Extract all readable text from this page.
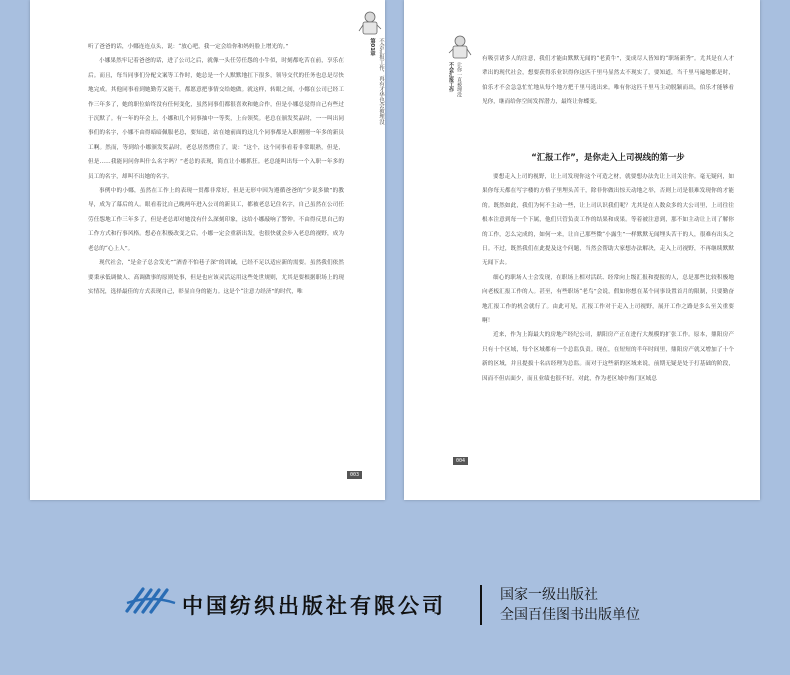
第01章 不会汇报工作，再有才华也会被埋没

听了爸爸的话，小娜连连点头，说：“放心吧，我一定会给你和妈妈脸上增光的。”

小娜果然牢记着爸爸的话，进了公司之后，就像一头任劳任怨的小牛似，时刻都吃苦在前，享乐在后。而且，每当同事们分配文案等工作时，她总是一个人默默地扛下很多，领导交代的任务也总是尽快地完成。其他同事看到她勤劳又能干，都愿意把事情交给她做。就这样，转眼之间，小娜在公司已经工作三年多了，她的职位始终没有任何变化，虽然同事们都很喜欢和她合作，但是小娜总觉得自己有些过于沉默了。有一年的年会上，小娜和几个同事抽中一等奖，上台领奖。老总在颁发奖品时，一一叫出同事们的名字，小娜不由得暗暗佩服老总，要知道，站在她前面的这几个同事都是入职刚刚一年多的新员工啊。然而，等到给小娜颁发奖品时，老总居然愣住了，说：“这个，这个同事看着非常眼熟，但是，但是……我能问问你叫什么名字吗？”老总的表现，简直让小娜抓狂。老总能叫出每一个入职一年多的员工的名字，却叫不出她的名字。

事例中的小娜，虽然在工作上的表现一贯都非常好，但是无形中因为遵循爸爸的“少说多做”的教导，成为了幕后的人。眼看着比自己晚两年进入公司的新员工，都被老总记住名字，自己虽然在公司任劳任怨地工作三年多了，但是老总却对她没有什么深刻印象，这给小娜敲响了警钟。不由得反思自己的工作方式和行事风格。想必在积极改变之后，小娜一定会重新出发，也很快就会步入老总的视野，成为老总的“心上人”。

现代社会，“是金子总会发光”“酒香不怕巷子深”的训诫，已经不足以适应新的需要。虽然我们依然要秉承低调做人、高调做事的原则处事，但是也应该灵活运用这些处世规则，尤其是要根据职场上的现实情况，选择最佳的方式表现自己，彰显自身的能力。这是个“注意力经济”的时代，唯

003
不会汇报工作 让你一直被埋没

有吸引诸多人的注意，我们才能由默默无闻的“老黄牛”，变成尽人皆知的“职场新秀”。尤其是在人才辈出的现代社会，想要获得乐业识得你这匹千里马显然太不现实了，要知道，当千里马遍地都是时，伯乐才不会急急忙忙地从每个地方把千里马选出来。唯有你这匹千里马主动脱颖而出，伯乐才能够看见你，继而给你空间发挥潜力，最终让你蝶变。

“汇报工作”，是你走入上司视线的第一步

要想走入上司的视野，让上司发现你这个可造之材，就要想办法先让上司关注你。毫无疑问，如果你每天都在写字楼的方格子里埋头苦干，除非你做出惊天动地之举，否则上司是很难发现你的才能的。既然如此，我们为何不主动一些，让上司认识我们呢？尤其是在人数众多的大公司里，上司往往根本注意到每一个下属，他们只管负责工作的结果和成果。等着被注意到，那不如主动让上司了解你的工作，怎么完成的，如何一来，让自己那些微“小露生”一样默默无闻埋头苦干的人，很难有出头之日。不过，既然我们在此提及这个问题，当然会帮助大家想办法解决，走入上司视野，不再继续默默无闻下去。

细心的职场人士会发现，在职场上相对活跃、经常向上级汇报和提报的人，总是那些比较积极地向老板汇报工作的人。甚至，有些职场“老鸟”会说，假如你想在某个同事设置首月的限制，只要勤奋地汇报工作的机会就行了。由此可见，汇报工作对于走入上司视野，展开工作之路是多么至关重要啊！

近来，作为上海最大的房地产经纪公司，鼎阳房产正在进行大规模的扩张工作。原本，鼎阳房产只有十个区域，每个区域都有一个总监负责。现在，在短短的半年时间里，鼎阳房产就又增加了十个新的区域，并且提拔十名店经理为总监。而对于这些新的区域来说，前期无疑是处于打基础的阶段，因而不但店面少，而且业绩也很不好。对此，作为老区域中热门区域总

004
中国纺织出版社有限公司	国家一级出版社
全国百佳图书出版单位
